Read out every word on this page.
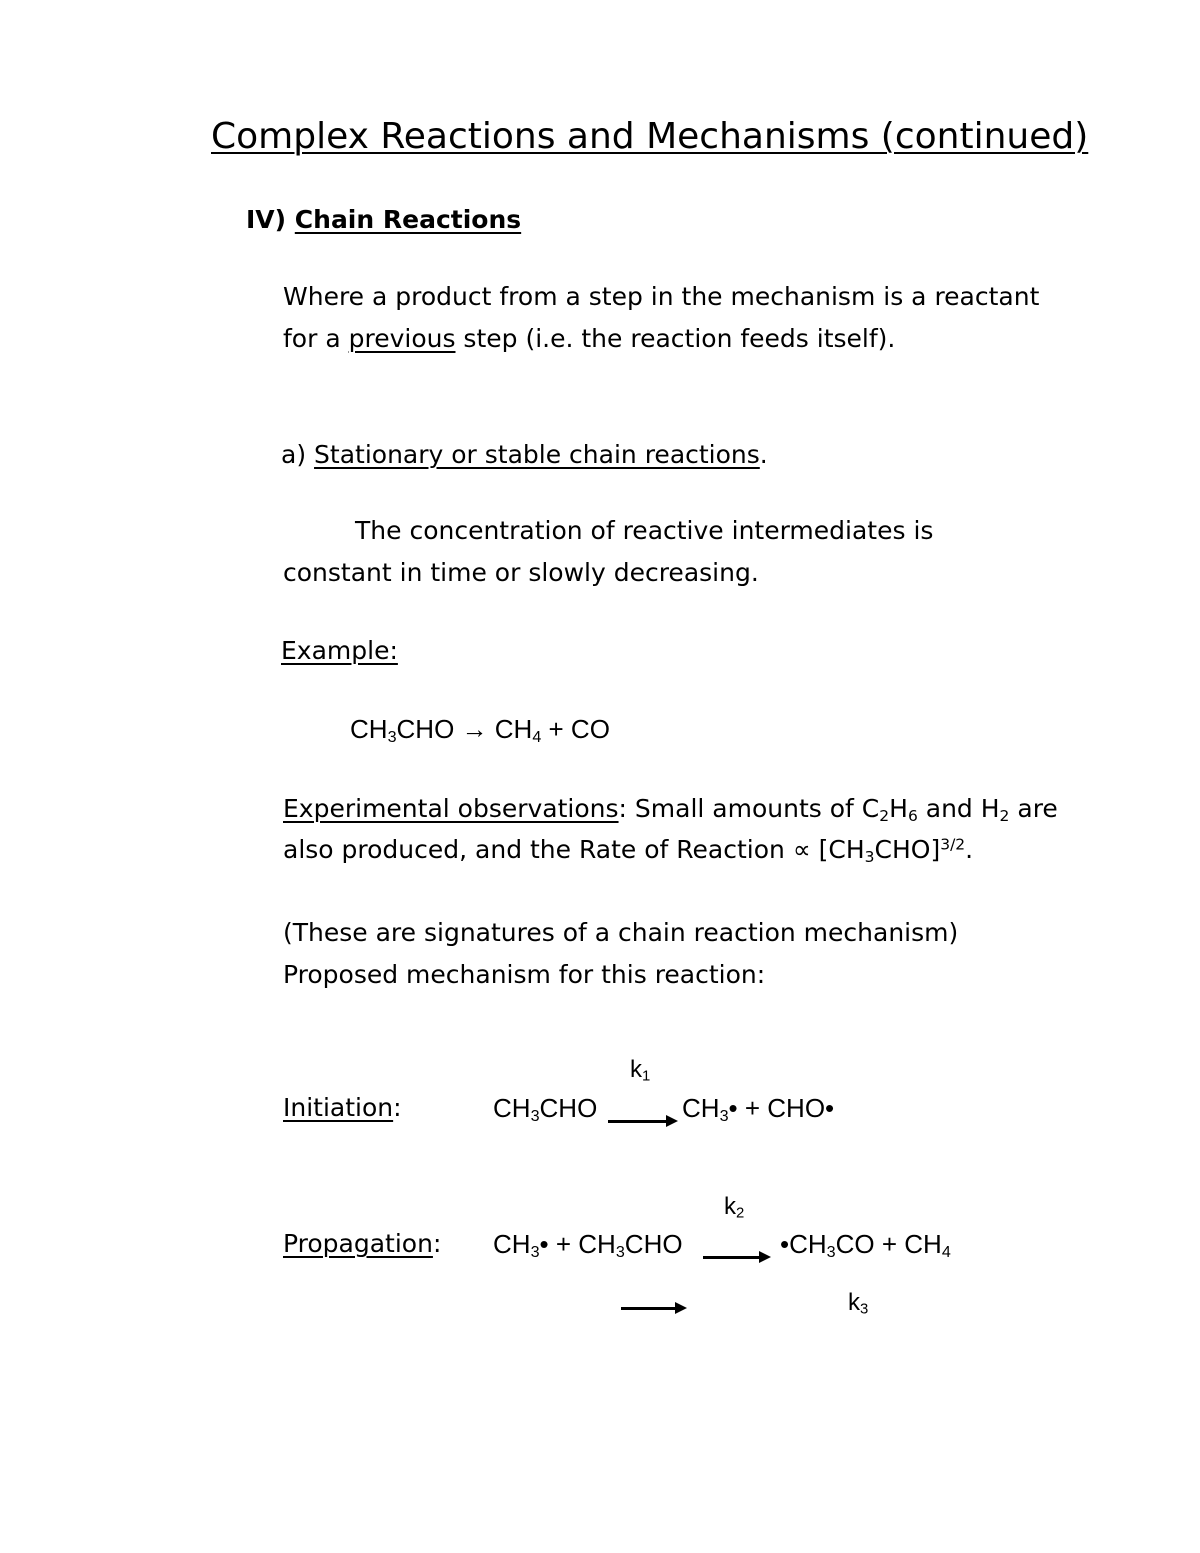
Complex Reactions and Mechanisms (continued)
IV) Chain Reactions
Where a product from a step in the mechanism is a reactant
for a previous step (i.e. the reaction feeds itself).
a) Stationary or stable chain reactions.
The concentration of reactive intermediates is
constant in time or slowly decreasing.
Example:
$CH_3CHO \to CH_4$ + CO
Experimental observations: Small amounts of $C_2H_6$ and $H_2$ are
also produced, and the Rate of Reaction ∝ $[CH_3CHO]^{3/2}$.
(These are signatures of a chain reaction mechanism)
Proposed mechanism for this reaction:
$k_1$
Initiation:	$CH_3CHO$	$CH_3•$ + CHO•
$k_2$
Propagation: $CH_3• + CH_3CHO$	$•CH_3CO + CH_4$
$k_3$
